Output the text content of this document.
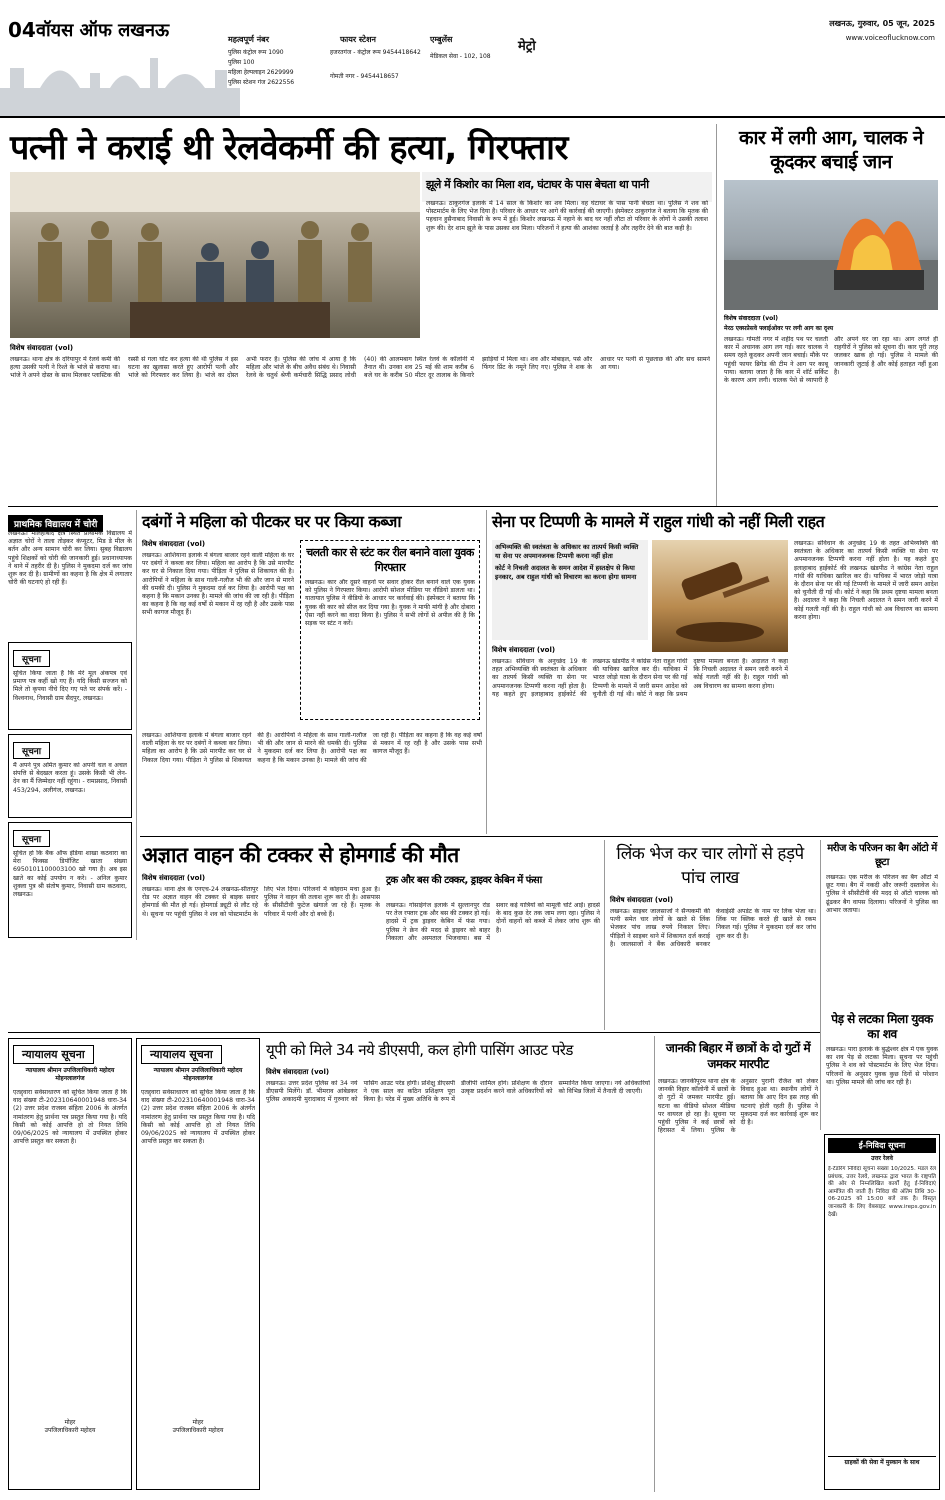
04 वॉयस ऑफ लखनऊ	महत्वपूर्ण नंबर
पुलिस कंट्रोल रूम 1090
पुलिस 100
महिला हेल्पलाइन 2629999
पुलिस स्टेशन गंज 2622556
फायर स्टेशन
हजरतगंज - कंट्रोल रूम 9454418642
गोमती नगर - 9454418657
एम्बुलेंस
मेडिकल सेवा - 102, 108
मेट्रो
लखनऊ, गुरुवार, 05 जून, 2025
www.voiceoflucknow.com
पत्नी ने कराई थी रेलवेकर्मी की हत्या, गिरफ्तार
झूले में किशोर का मिला शव, घंटाघर के पास बेचता था पानी
लखनऊ। ठाकुरगंज इलाके में 14 साल के किशोर का शव मिला। वह घंटाघर के पास पानी बेचता था। पुलिस ने शव को पोस्टमार्टम के लिए भेज दिया है। परिवार के आधार पर आगे की कार्रवाई की जाएगी। इंस्पेक्टर ठाकुरगंज ने बताया कि मृतक की पहचान हुसैनाबाद निवासी के रूप में हुई। किशोर लखनऊ में नहाने के बाद घर नहीं लौटा तो परिवार के लोगों ने उसकी तलाश शुरू की। देर शाम झूले के पास उसका शव मिला। परिजनों ने हत्या की आशंका जताई है और तहरीर देने की बात कही है।
विशेष संवाददाता (vol)
लखनऊ। थाना क्षेत्र के दरियापुर में रेलवे कर्मी की हत्या उसकी पत्नी ने रिश्ते के भांजे से कराया था। भांजे ने अपने दोस्त के साथ मिलकर प्लास्टिक की रस्सी से गला घोंट कर हत्या की थी पुलिस ने इस घटना का खुलासा करते हुए आरोपी पत्नी और भांजे को गिरफ्तार कर लिया है। भांजे का दोस्त अभी फरार है। पुलिस की जांच में आया है कि महिला और भांजे के बीच अवैध संबंध थे। निवासी रेलवे के चतुर्थ श्रेणी कर्मचारी सिद्धि प्रसाद लोधी (40) की आलमबाग स्थित रेलवे के कॉलोनी में तैनात थी। उनका शव 25 मई की शाम करीब 6 बजे घर के करीब 50 मीटर दूर तालाब के किनारे झाड़ियों में मिला था। शव और मोबाइल, पर्स और फिंगर प्रिंट के नमूने लिए गए। पुलिस ने शक के आधार पर पत्नी से पूछताछ की और सच सामने आ गया।
कार में लगी आग, चालक ने कूदकर बचाई जान
विशेष संवाददाता (vol)
मेरठ एक्सप्रेसवे फ्लाईओवर पर लगी आग का दृश्य
लखनऊ। गोमती नगर में शहीद पथ पर चलती कार में अचानक आग लग गई। कार चालक ने समय रहते कूदकर अपनी जान बचाई। मौके पर पहुंची फायर ब्रिगेड की टीम ने आग पर काबू पाया। बताया जाता है कि कार में शॉर्ट सर्किट के कारण आग लगी। चालक पेशे से व्यापारी है और अपने घर जा रहा था। आग लगते ही राहगीरों ने पुलिस को सूचना दी। कार पूरी तरह जलकर खाक हो गई। पुलिस ने मामले की जानकारी जुटाई है और कोई हताहत नहीं हुआ है।
प्राथमिक विद्यालय में चोरी
लखनऊ। मलिहाबाद क्षेत्र स्थित प्राथमिक विद्यालय में अज्ञात चोरों ने ताला तोड़कर कंप्यूटर, मिड डे मील के बर्तन और अन्य सामान चोरी कर लिया। सुबह विद्यालय पहुंचे शिक्षकों को चोरी की जानकारी हुई। प्रधानाध्यापक ने थाने में तहरीर दी है। पुलिस ने मुकदमा दर्ज कर जांच शुरू कर दी है। ग्रामीणों का कहना है कि क्षेत्र में लगातार चोरी की घटनाएं हो रही हैं।
सूचना
सूचित किया जाता है कि मेरे मूल अंकपत्र एवं प्रमाण पत्र कहीं खो गए हैं। यदि किसी सज्जन को मिले तो कृपया नीचे दिए गए पते पर संपर्क करें। - विश्वनाथ, निवासी ग्राम सैदपुर, लखनऊ।
सूचना
मैं अपने पुत्र अमित कुमार को अपनी चल व अचल संपत्ति से बेदखल करता हूं। उसके किसी भी लेन-देन का मैं जिम्मेदार नहीं रहूंगा। - रामप्रसाद, निवासी 453/294, अलीगंज, लखनऊ।
सूचना
सूचित हो कि बैंक ऑफ इंडिया शाखा कठवारा का मेरा फिक्स्ड डिपॉजिट खाता संख्या 6950101100003100 खो गया है। अब इस खाते का कोई उपयोग न करे। - अनिल कुमार शुक्ला पुत्र श्री संतोष कुमार, निवासी ग्राम कठवारा, लखनऊ।
दबंगों ने महिला को पीटकर घर पर किया कब्जा
विशेष संवाददाता (vol)
लखनऊ। आशियाना इलाके में बंगला बाजार रहने वाली महिला के घर पर दबंगों ने कब्जा कर लिया। महिला का आरोप है कि उसे मारपीट कर घर से निकाल दिया गया। पीड़िता ने पुलिस से शिकायत की है। आरोपियों ने महिला के साथ गाली-गलौज भी की और जान से मारने की धमकी दी। पुलिस ने मुकदमा दर्ज कर लिया है। आरोपी पक्ष का कहना है कि मकान उनका है। मामले की जांच की जा रही है। पीड़िता का कहना है कि वह कई वर्षों से मकान में रह रही है और उसके पास सभी कागज मौजूद हैं।
चलती कार से स्टंट कर रील बनाने वाला युवक गिरफ्तार
लखनऊ। कार और दूसरे वाहनों पर सवार होकर रील बनाने वाले एक युवक को पुलिस ने गिरफ्तार किया। आरोपी सोशल मीडिया पर वीडियो डालता था। यातायात पुलिस ने वीडियो के आधार पर कार्रवाई की। इंस्पेक्टर ने बताया कि युवक की कार को सीज कर दिया गया है। युवक ने माफी मांगी है और दोबारा ऐसा नहीं करने का वादा किया है। पुलिस ने सभी लोगों से अपील की है कि सड़क पर स्टंट न करें।
लखनऊ। आशियाना इलाके में बंगला बाजार रहने वाली महिला के घर पर दबंगों ने कब्जा कर लिया। महिला का आरोप है कि उसे मारपीट कर घर से निकाल दिया गया। पीड़िता ने पुलिस से शिकायत की है। आरोपियों ने महिला के साथ गाली-गलौज भी की और जान से मारने की धमकी दी। पुलिस ने मुकदमा दर्ज कर लिया है। आरोपी पक्ष का कहना है कि मकान उनका है। मामले की जांच की जा रही है। पीड़िता का कहना है कि वह कई वर्षों से मकान में रह रही है और उसके पास सभी कागज मौजूद हैं।
सेना पर टिप्पणी के मामले में राहुल गांधी को नहीं मिली राहत
अभिव्यक्ति की स्वतंत्रता के अधिकार का तात्पर्य किसी व्यक्ति या सेना पर अपमानजनक टिप्पणी करना नहीं होता
कोर्ट ने निचली अदालत के समन आदेश में हस्तक्षेप से किया इनकार, अब राहुल गांधी को विचारण का करना होगा सामना
विशेष संवाददाता (vol)
लखनऊ। संविधान के अनुच्छेद 19 के तहत अभिव्यक्ति की स्वतंत्रता के अधिकार का तात्पर्य किसी व्यक्ति या सेना पर अपमानजनक टिप्पणी करना नहीं होता है। यह कहते हुए इलाहाबाद हाईकोर्ट की लखनऊ खंडपीठ ने कांग्रेस नेता राहुल गांधी की याचिका खारिज कर दी। याचिका में भारत जोड़ो यात्रा के दौरान सेना पर की गई टिप्पणी के मामले में जारी समन आदेश को चुनौती दी गई थी। कोर्ट ने कहा कि प्रथम दृष्टया मामला बनता है। अदालत ने कहा कि निचली अदालत ने समन जारी करने में कोई गलती नहीं की है। राहुल गांधी को अब विचारण का सामना करना होगा।
लखनऊ। संविधान के अनुच्छेद 19 के तहत अभिव्यक्ति की स्वतंत्रता के अधिकार का तात्पर्य किसी व्यक्ति या सेना पर अपमानजनक टिप्पणी करना नहीं होता है। यह कहते हुए इलाहाबाद हाईकोर्ट की लखनऊ खंडपीठ ने कांग्रेस नेता राहुल गांधी की याचिका खारिज कर दी। याचिका में भारत जोड़ो यात्रा के दौरान सेना पर की गई टिप्पणी के मामले में जारी समन आदेश को चुनौती दी गई थी। कोर्ट ने कहा कि प्रथम दृष्टया मामला बनता है। अदालत ने कहा कि निचली अदालत ने समन जारी करने में कोई गलती नहीं की है। राहुल गांधी को अब विचारण का सामना करना होगा।
अज्ञात वाहन की टक्कर से होमगार्ड की मौत
विशेष संवाददाता (vol)
लखनऊ। थाना क्षेत्र के एनएच-24 लखनऊ-सीतापुर रोड पर अज्ञात वाहन की टक्कर से बाइक सवार होमगार्ड की मौत हो गई। होमगार्ड ड्यूटी से लौट रहे थे। सूचना पर पहुंची पुलिस ने शव को पोस्टमार्टम के लिए भेज दिया। परिजनों में कोहराम मचा हुआ है। पुलिस ने वाहन की तलाश शुरू कर दी है। आसपास के सीसीटीवी फुटेज खंगाले जा रहे हैं। मृतक के परिवार में पत्नी और दो बच्चे हैं।
ट्रक और बस की टक्कर, ड्राइवर केबिन में फंसा
लखनऊ। गोसाईगंज इलाके में सुल्तानपुर रोड पर तेज रफ्तार ट्रक और बस की टक्कर हो गई। हादसे में ट्रक ड्राइवर केबिन में फंस गया। पुलिस ने क्रेन की मदद से ड्राइवर को बाहर निकाला और अस्पताल भिजवाया। बस में सवार कई यात्रियों को मामूली चोटें आईं। हादसे के बाद कुछ देर तक जाम लगा रहा। पुलिस ने दोनों वाहनों को कब्जे में लेकर जांच शुरू की है।
लिंक भेज कर चार लोगों से हड़पे पांच लाख
विशेष संवाददाता (vol)
लखनऊ। साइबर जालसाजों ने सैन्यकर्मी की पत्नी समेत चार लोगों के खाते से लिंक भेजकर पांच लाख रुपये निकाल लिए। पीड़ितों ने साइबर थाने में शिकायत दर्ज कराई है। जालसाजों ने बैंक अधिकारी बनकर केवाईसी अपडेट के नाम पर लिंक भेजा था। लिंक पर क्लिक करते ही खाते से रकम निकल गई। पुलिस ने मुकदमा दर्ज कर जांच शुरू कर दी है।
मरीज के परिजन का बैग ऑटो में छूटा
लखनऊ। एक मरीज के परिजन का बैग ऑटो में छूट गया। बैग में नकदी और जरूरी दस्तावेज थे। पुलिस ने सीसीटीवी की मदद से ऑटो चालक को ढूंढकर बैग वापस दिलाया। परिजनों ने पुलिस का आभार जताया।
पेड़ से लटका मिला युवक का शव
लखनऊ। पारा इलाके के बुद्धेश्वर क्षेत्र में एक युवक का शव पेड़ से लटका मिला। सूचना पर पहुंची पुलिस ने शव को पोस्टमार्टम के लिए भेज दिया। परिजनों के अनुसार युवक कुछ दिनों से परेशान था। पुलिस मामले की जांच कर रही है।
न्यायालय सूचना
न्यायालय श्रीमान उपजिलाधिकारी महोदय मोहनलालगंज
एतद्द्वारा सर्वसाधारण को सूचित किया जाता है कि वाद संख्या टी-202310640001948 धारा-34 (2) उत्तर प्रदेश राजस्व संहिता 2006 के अंतर्गत नामांतरण हेतु प्रार्थना पत्र प्रस्तुत किया गया है। यदि किसी को कोई आपत्ति हो तो नियत तिथि 09/06/2025 को न्यायालय में उपस्थित होकर आपत्ति प्रस्तुत कर सकता है।
मोहर
उपजिलाधिकारी महोदय
न्यायालय सूचना
न्यायालय श्रीमान उपजिलाधिकारी महोदय मोहनलालगंज
एतद्द्वारा सर्वसाधारण को सूचित किया जाता है कि वाद संख्या टी-202310640001948 धारा-34 (2) उत्तर प्रदेश राजस्व संहिता 2006 के अंतर्गत नामांतरण हेतु प्रार्थना पत्र प्रस्तुत किया गया है। यदि किसी को कोई आपत्ति हो तो नियत तिथि 09/06/2025 को न्यायालय में उपस्थित होकर आपत्ति प्रस्तुत कर सकता है।
मोहर
उपजिलाधिकारी महोदय
यूपी को मिले 34 नये डीएसपी, कल होगी पासिंग आउट परेड
विशेष संवाददाता (vol)
लखनऊ। उत्तर प्रदेश पुलिस को 34 नये डीएसपी मिलेंगे। डॉ. भीमराव आंबेडकर पुलिस अकादमी मुरादाबाद में गुरुवार को पासिंग आउट परेड होगी। प्रशिक्षु डीएसपी ने एक साल का कठिन प्रशिक्षण पूरा किया है। परेड में मुख्य अतिथि के रूप में डीजीपी शामिल होंगे। प्रशिक्षण के दौरान उत्कृष्ट प्रदर्शन करने वाले अधिकारियों को सम्मानित किया जाएगा। नये अधिकारियों को विभिन्न जिलों में तैनाती दी जाएगी।
जानकी बिहार में छात्रों के दो गुटों में जमकर मारपीट
लखनऊ। जानकीपुरम थाना क्षेत्र के जानकी विहार कॉलोनी में छात्रों के दो गुटों में जमकर मारपीट हुई। घटना का वीडियो सोशल मीडिया पर वायरल हो रहा है। सूचना पर पहुंची पुलिस ने कई छात्रों को हिरासत में लिया। पुलिस के अनुसार पुरानी रंजिश को लेकर विवाद हुआ था। स्थानीय लोगों ने बताया कि आए दिन इस तरह की घटनाएं होती रहती हैं। पुलिस ने मुकदमा दर्ज कर कार्रवाई शुरू कर दी है।
ई-निविदा सूचना
उत्तर रेलवे
ई-टेंडरिंग निविदा सूचना संख्या 10/2025. मंडल रेल प्रबंधक, उत्तर रेलवे, लखनऊ द्वारा भारत के राष्ट्रपति की ओर से निम्नलिखित कार्यों हेतु ई-निविदाएं आमंत्रित की जाती हैं। निविदा की अंतिम तिथि 30-06-2025 को 15:00 बजे तक है। विस्तृत जानकारी के लिए वेबसाइट www.ireps.gov.in देखें।
ग्राहकों की सेवा में मुस्कान के साथ
